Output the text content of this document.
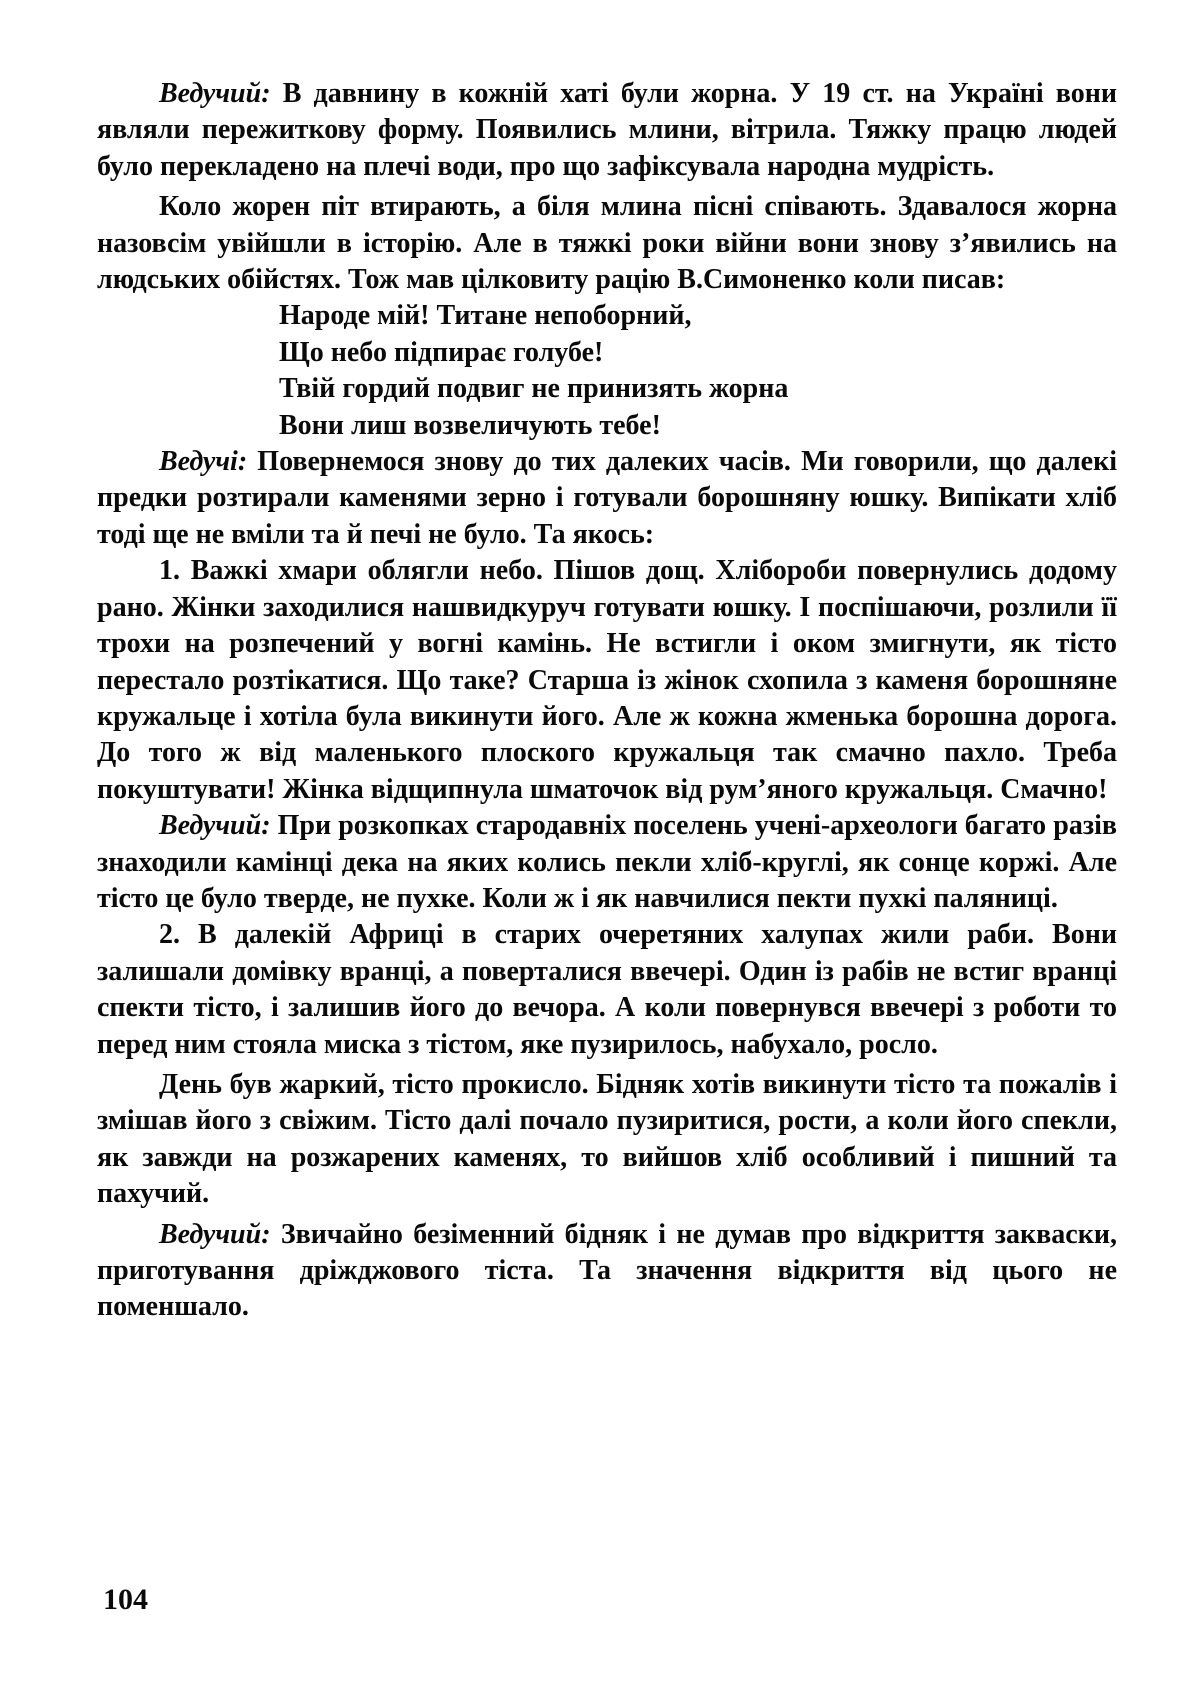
Ведучий: В давнину в кожній хаті були жорна. У 19 ст. на Україні вони являли пережиткову форму. Появились млини, вітрила. Тяжку працю людей було перекладено на плечі води, про що зафіксувала народна мудрість.

Коло жорен піт втирають, а біля млина пісні співають. Здавалося жорна назовсім увійшли в історію. Але в тяжкі роки війни вони знову з’явились на людських обійстях. Тож мав цілковиту рацію В.Симоненко коли писав:

Народе мій! Титане непоборний,
Що небо підпирає голубе!
Твій гордий подвиг не принизять жорна
Вони лиш возвеличують тебе!

Ведучі: Повернемося знову до тих далеких часів. Ми говорили, що далекі предки розтирали каменями зерно і готували борошняну юшку. Випікати хліб тоді ще не вміли та й печі не було. Та якось:

1. Важкі хмари облягли небо. Пішов дощ. Хлібороби повернулись додому рано. Жінки заходилися нашвидкуруч готувати юшку. І поспішаючи, розлили її трохи на розпечений у вогні камінь. Не встигли і оком змигнути, як тісто перестало розтікатися. Що таке? Старша із жінок схопила з каменя борошняне кружальце і хотіла була викинути його. Але ж кожна жменька борошна дорога. До того ж від маленького плоского кружальця так смачно пахло. Треба покуштувати! Жінка відщипнула шматочок від рум’яного кружальця. Смачно!

Ведучий: При розкопках стародавніх поселень учені-археологи багато разів знаходили камінці дека на яких колись пекли хліб-круглі, як сонце коржі. Але тісто це було тверде, не пухке. Коли ж і як навчилися пекти пухкі паляниці.

2. В далекій Африці в старих очеретяних халупах жили раби. Вони залишали домівку вранці, а поверталися ввечері. Один із рабів не встиг вранці спекти тісто, і залишив його до вечора. А коли повернувся ввечері з роботи то перед ним стояла миска з тістом, яке пузирилось, набухало, росло.

День був жаркий, тісто прокисло. Бідняк хотів викинути тісто та пожалів і змішав його з свіжим. Тісто далі почало пузиритися, рости, а коли його спекли, як завжди на розжарених каменях, то вийшов хліб особливий і пишний та пахучий.

Ведучий: Звичайно безіменний бідняк і не думав про відкриття закваски, приготування дріжджового тіста. Та значення відкриття від цього не поменшало.

104
